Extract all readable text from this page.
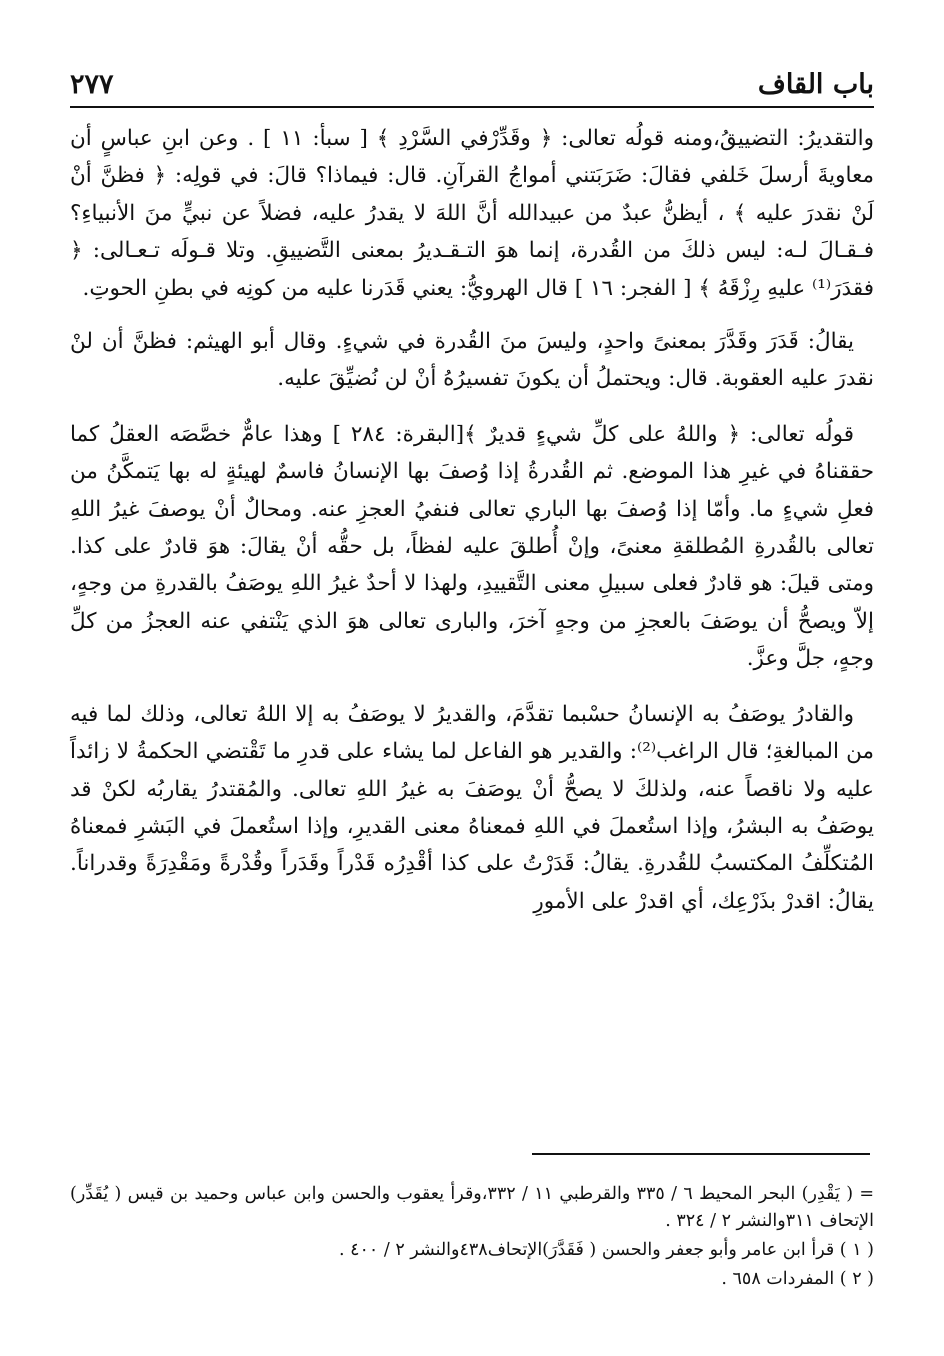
باب القاف
٢٧٧

والتقديرُ: التضييقُ،ومنه قولُه تعالى: ﴿ وقَدِّرْفي السَّرْدِ ﴾ [ سبأ: ١١ ] . وعن ابنِ عباسٍ أن معاويةَ أرسلَ خَلفي فقالَ: ضَرَبَتني أمواجُ القرآنِ. قال: فيماذا؟ قالَ: في قولِه: ﴿ فظنَّ أنْ لَنْ نقدرَ عليه ﴾ ، أيظنُّ عبدٌ من عبيدالله أنَّ اللهَ لا يقدرُ عليه، فضلاً عن نبيٍّ منَ الأنبياءِ؟ فـقـالَ لـه: ليس ذلكَ من القُدرة، إنما هوَ التـقـديرُ بمعنى التَّضييقِ. وتلا قـولَه تـعـالى: ﴿ فقدَرَ⁽¹⁾ عليهِ رِزْقَهُ ﴾ [ الفجر: ١٦ ] قال الهرويُّ: يعني قَدَرنا عليه من كونِه في بطنِ الحوتِ.

يقالُ: قَدَرَ وقَدَّرَ بمعنىً واحدٍ، وليسَ منَ القُدرة في شيءٍ. وقال أبو الهيثم: فظنَّ أن لنْ نقدرَ عليه العقوبة. قال: ويحتملُ أن يكونَ تفسيرُهُ أنْ لن نُضيِّقَ عليه.

قولُه تعالى: ﴿ واللهُ على كلِّ شيءٍ قديرٌ ﴾[البقرة: ٢٨٤ ] وهذا عامٌّ خصَّصَه العقلُ كما حققناهُ في غيرِ هذا الموضع. ثم القُدرةُ إذا وُصفَ بها الإنسانُ فاسمٌ لهيئةٍ له بها يَتمكَّنُ من فعلِ شيءٍ ما. وأمّا إذا وُصفَ بها الباري تعالى فنفيُ العجزِ عنه. ومحالٌ أنْ يوصفَ غيرُ اللهِ تعالى بالقُدرةِ المُطلقةِ معنىً، وإنْ أُطلقَ عليه لفظاً، بل حقُّه أنْ يقالَ: هوَ قادرٌ على كذا. ومتى قيلَ: هو قادرٌ فعلى سبيلِ معنى التَّقييدِ، ولهذا لا أحدٌ غيرُ اللهِ يوصَفُ بالقدرةِ من وجهٍ، إلاّ ويصحُّ أن يوصَفَ بالعجزِ من وجهٍ آخرَ، والبارى تعالى هوَ الذي يَنْتفي عنه العجزُ من كلِّ وجهٍ، جلَّ وعزَّ.

والقادرُ يوصَفُ به الإنسانُ حسْبما تقدَّمَ، والقديرُ لا يوصَفُ به إلا اللهُ تعالى، وذلك لما فيه من المبالغةِ؛ قال الراغب⁽²⁾: والقدير هو الفاعل لما يشاء على قدرِ ما تَقْتضي الحكمةُ لا زائداً عليه ولا ناقصاً عنه، ولذلكَ لا يصحُّ أنْ يوصَفَ به غيرُ اللهِ تعالى. والمُقتدرُ يقاربُه لكنْ قد يوصَفُ به البشرُ، وإذا استُعملَ في اللهِ فمعناهُ معنى القديرِ، وإذا استُعملَ في البَشرِ فمعناهُ المُتكلِّفُ المكتسبُ للقُدرةِ. يقالُ: قَدَرْتُ على كذا أقْدِرُه قَدْراً وقَدَراً وقُدْرةً ومَقْدِرَةً وقدراناً. يقالُ: اقدرْ بذَرْعِك، أي اقدرْ على الأمورِ

= ( يَقْدِر) البحر المحيط ٦ / ٣٣٥ والقرطبي ١١ / ٣٣٢،وقرأ يعقوب والحسن وابن عباس وحميد بن قيس ( يُقَدِّر) الإتحاف ٣١١والنشر ٢ / ٣٢٤ .

( ١ ) قرأ ابن عامر وأبو جعفر والحسن ( فَقَدَّرَ)الإتحاف٤٣٨والنشر ٢ / ٤٠٠ .

( ٢ ) المفردات ٦٥٨ .
